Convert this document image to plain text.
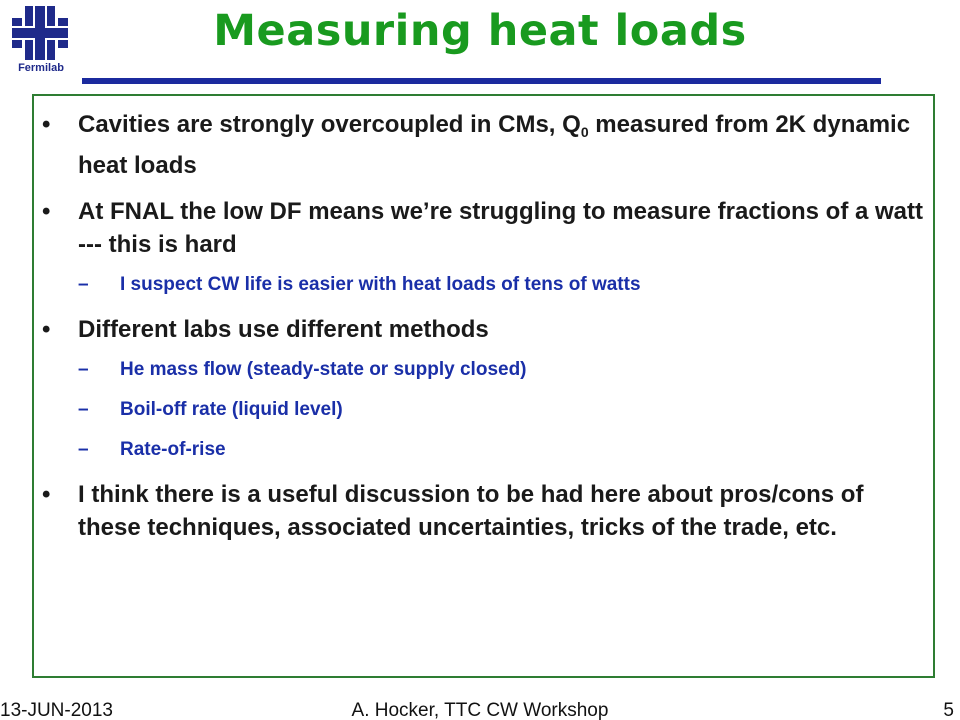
Fermilab
Measuring heat loads
•	Cavities are strongly overcoupled in CMs, $Q_0$ measured from 2K dynamic heat loads
•	At FNAL the low DF means we’re struggling to measure fractions of a watt --- this is hard
– I suspect CW life is easier with heat loads of tens of watts
•	Different labs use different methods
– He mass flow (steady-state or supply closed)
– Boil-off rate (liquid level)
– Rate-of-rise
•	I think there is a useful discussion to be had here about pros/cons of these techniques, associated uncertainties, tricks of the trade, etc.
A. Hocker, TTC CW Workshop
13-JUN-2013	5
